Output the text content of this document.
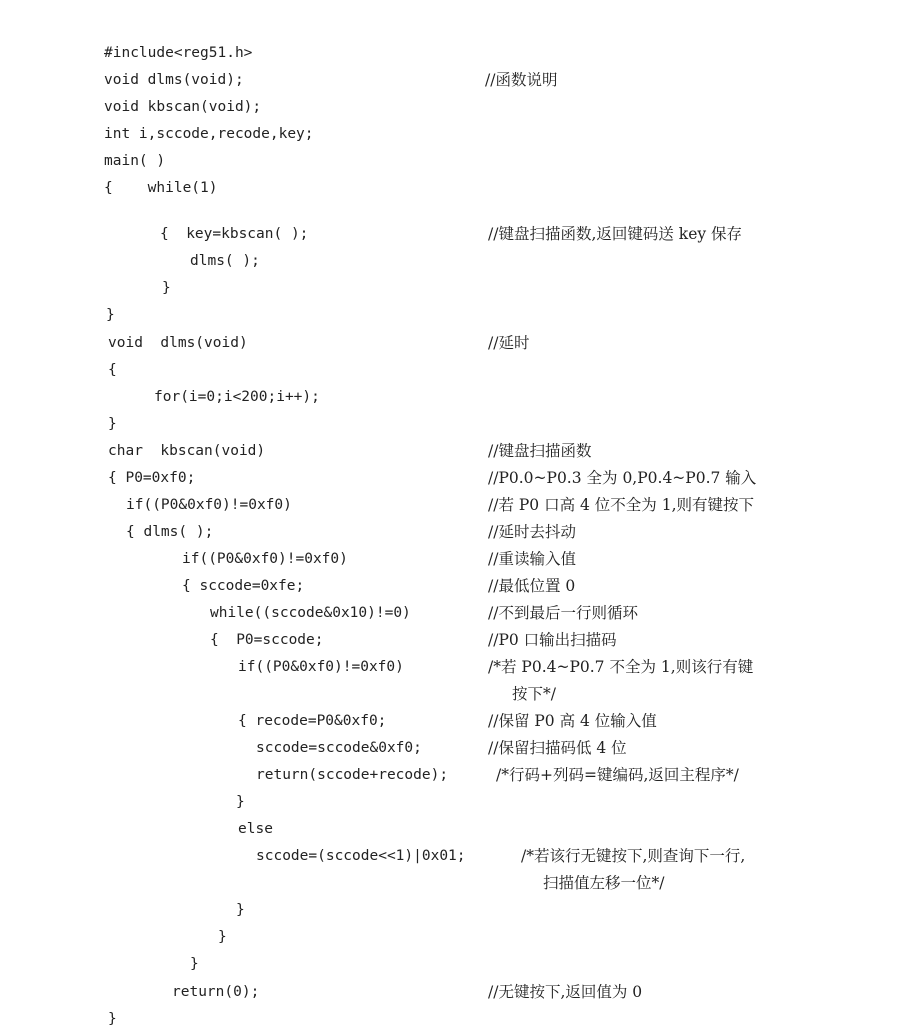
#include<reg51.h>
void dlms(void);	//函数说明
void kbscan(void);
int i,sccode,recode,key;
main( )
{    while(1)
{  key=kbscan( );	//键盘扫描函数,返回键码送 key 保存
dlms( );
}
}
void  dlms(void)	//延时
{
for(i=0;i<200;i++);
}
char  kbscan(void)	//键盘扫描函数
{ P0=0xf0;	//P0.0~P0.3 全为 0,P0.4~P0.7 输入
if((P0&0xf0)!=0xf0)	//若 P0 口高 4 位不全为 1,则有键按下
{ dlms( );	//延时去抖动
if((P0&0xf0)!=0xf0)	//重读输入值
{ sccode=0xfe;	//最低位置 0
while((sccode&0x10)!=0)	//不到最后一行则循环
{  P0=sccode;	//P0 口输出扫描码
if((P0&0xf0)!=0xf0)	/*若 P0.4~P0.7 不全为 1,则该行有键
按下*/
{ recode=P0&0xf0;	//保留 P0 高 4 位输入值
sccode=sccode&0xf0;	//保留扫描码低 4 位
return(sccode+recode);	/*行码+列码=键编码,返回主程序*/
}
else
sccode=(sccode<<1)|0x01;	/*若该行无键按下,则查询下一行,
扫描值左移一位*/
}
}
}
return(0);	//无键按下,返回值为 0
}
